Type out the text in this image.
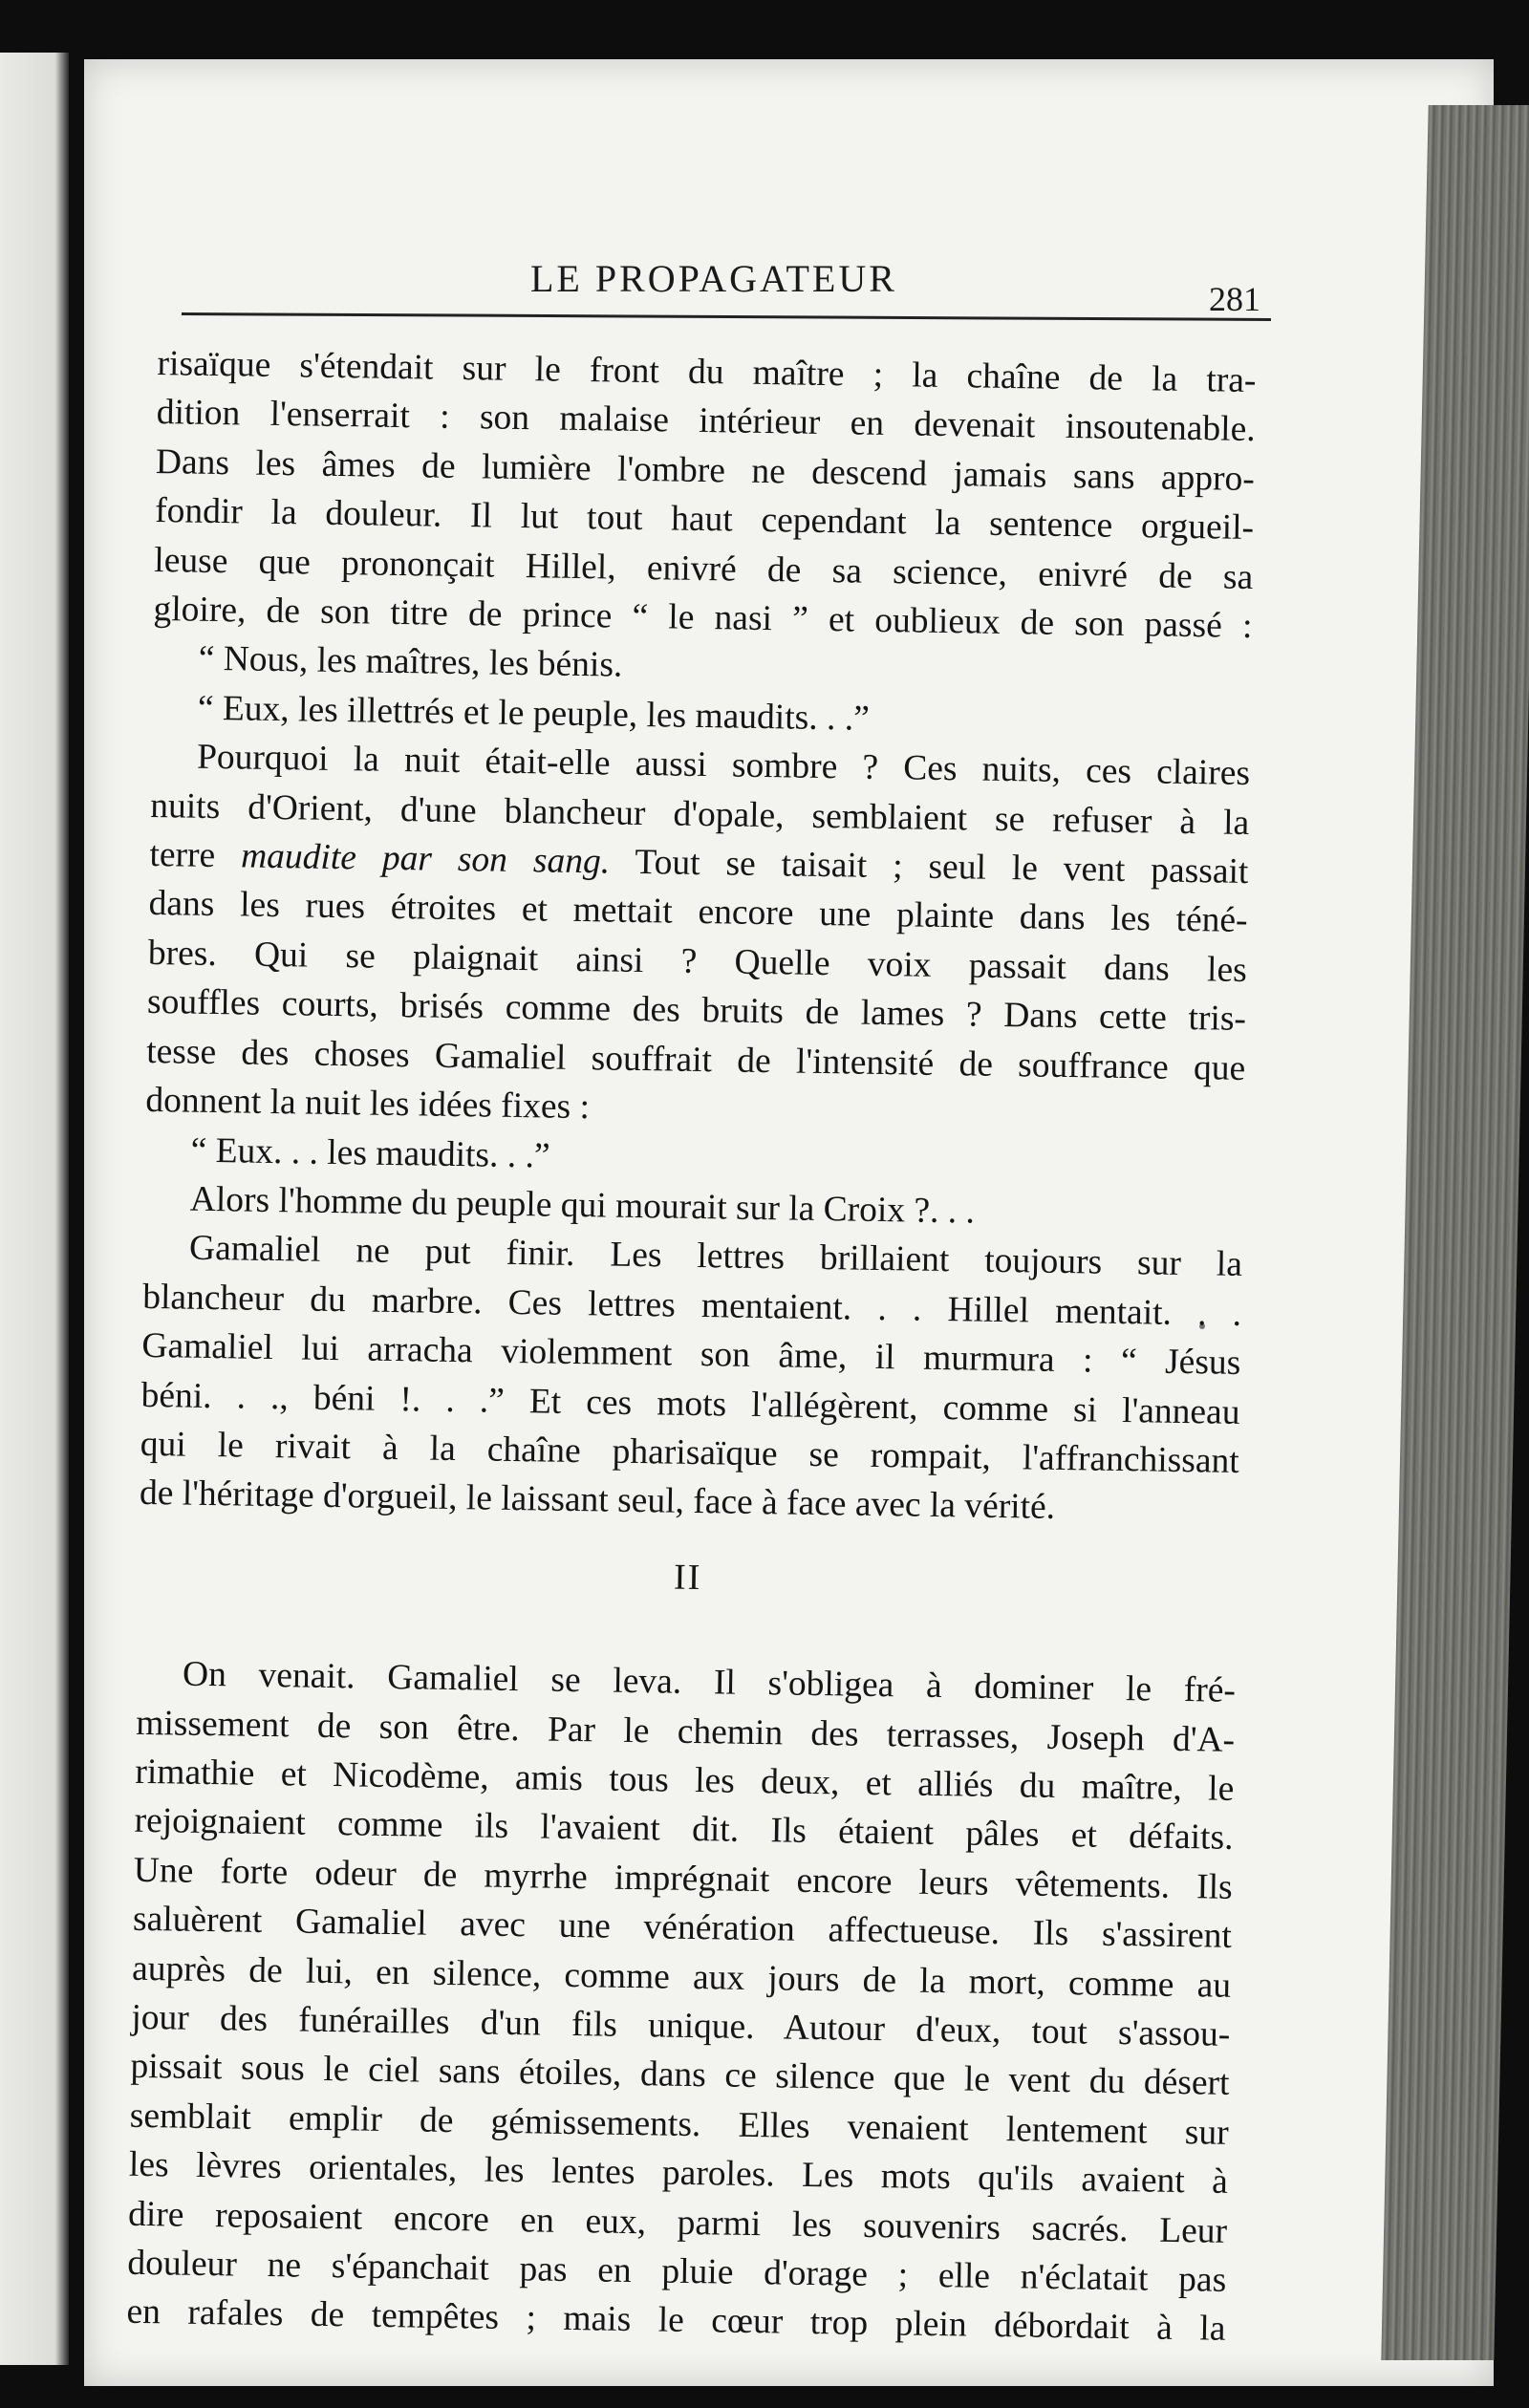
LE PROPAGATEUR	281
risaïque s'étendait sur le front du maître ; la chaîne de la tra-
dition l'enserrait : son malaise intérieur en devenait insoutenable.
Dans les âmes de lumière l'ombre ne descend jamais sans appro-
fondir la douleur. Il lut tout haut cependant la sentence orgueil-
leuse que prononçait Hillel, enivré de sa science, enivré de sa
gloire, de son titre de prince “ le nasi ” et oublieux de son passé :
“ Nous, les maîtres, les bénis.
“ Eux, les illettrés et le peuple, les maudits. . .”
Pourquoi la nuit était-elle aussi sombre ? Ces nuits, ces claires
nuits d'Orient, d'une blancheur d'opale, semblaient se refuser à la
terre maudite par son sang. Tout se taisait ; seul le vent passait
dans les rues étroites et mettait encore une plainte dans les téné-
bres. Qui se plaignait ainsi ? Quelle voix passait dans les
souffles courts, brisés comme des bruits de lames ? Dans cette tris-
tesse des choses Gamaliel souffrait de l'intensité de souffrance que
donnent la nuit les idées fixes :
“ Eux. . . les maudits. . .”
Alors l'homme du peuple qui mourait sur la Croix ?. . .
Gamaliel ne put finir. Les lettres brillaient toujours sur la
blancheur du marbre. Ces lettres mentaient. . . Hillel mentait. . .
Gamaliel lui arracha violemment son âme, il murmura : “ Jésus
béni. . ., béni !. . .” Et ces mots l'allégèrent, comme si l'anneau
qui le rivait à la chaîne pharisaïque se rompait, l'affranchissant
de l'héritage d'orgueil, le laissant seul, face à face avec la vérité.
II
On venait. Gamaliel se leva. Il s'obligea à dominer le fré-
missement de son être. Par le chemin des terrasses, Joseph d'A-
rimathie et Nicodème, amis tous les deux, et alliés du maître, le
rejoignaient comme ils l'avaient dit. Ils étaient pâles et défaits.
Une forte odeur de myrrhe imprégnait encore leurs vêtements. Ils
saluèrent Gamaliel avec une vénération affectueuse. Ils s'assirent
auprès de lui, en silence, comme aux jours de la mort, comme au
jour des funérailles d'un fils unique. Autour d'eux, tout s'assou-
pissait sous le ciel sans étoiles, dans ce silence que le vent du désert
semblait emplir de gémissements. Elles venaient lentement sur
les lèvres orientales, les lentes paroles. Les mots qu'ils avaient à
dire reposaient encore en eux, parmi les souvenirs sacrés. Leur
douleur ne s'épanchait pas en pluie d'orage ; elle n'éclatait pas
en rafales de tempêtes ; mais le cœur trop plein débordait à la
